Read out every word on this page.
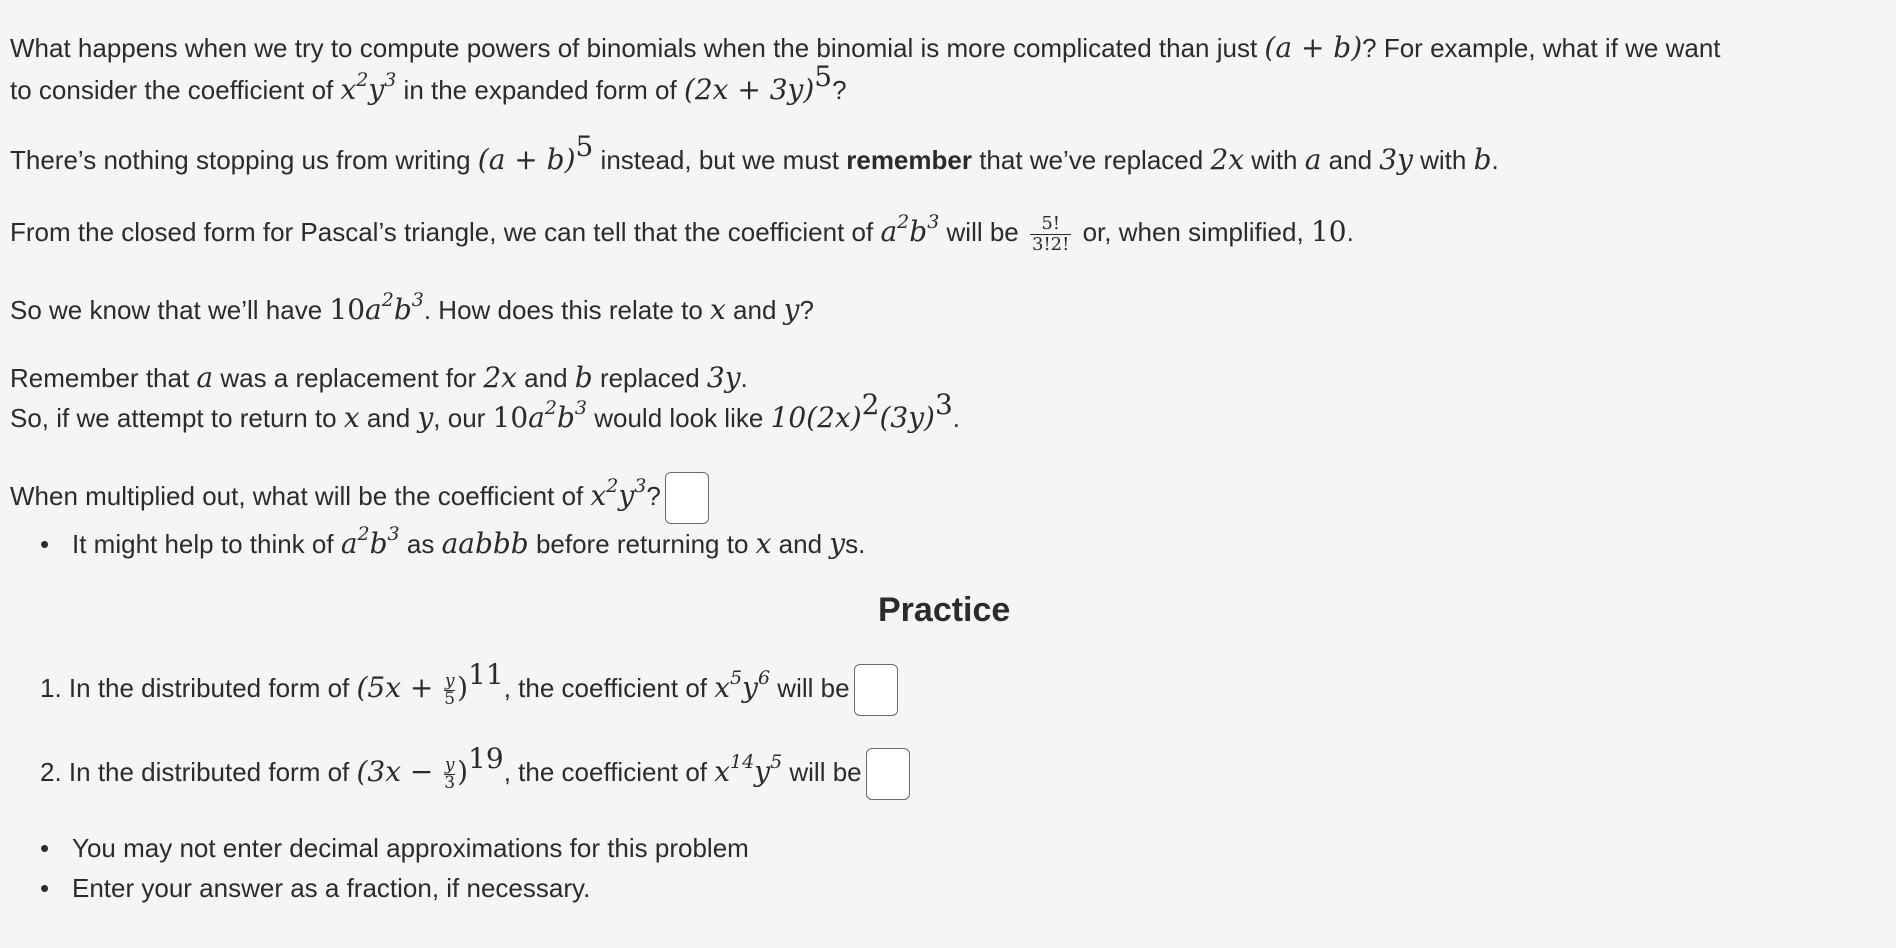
What happens when we try to compute powers of binomials when the binomial is more complicated than just (a + b)? For example, what if we want
to consider the coefficient of $x^2y^3$ in the expanded form of $(2x + 3y)^5$?
There’s nothing stopping us from writing $(a + b)^5$ instead, but we must remember that we’ve replaced 2x with a and 3y with b.
From the closed form for Pascal’s triangle, we can tell that the coefficient of $a^2b^3$ will be $\frac{5!}{3!2!}$ or, when simplified, 10.
So we know that we’ll have $10a^2b^3$. How does this relate to x and y?
Remember that a was a replacement for 2x and b replaced 3y.
So, if we attempt to return to x and y, our $10a^2b^3$ would look like $10(2x)^2(3y)^3$.
When multiplied out, what will be the coefficient of $x^2y^3$?
• It might help to think of $a^2b^3$ as aabbb before returning to x and ys.
Practice
1. In the distributed form of $(5x + \frac{y}{5} )^{11}$, the coefficient of $x^5y^6$ will be
2. In the distributed form of $(3x - \frac{y}{3} )^{19}$, the coefficient of $x^{14}y^5$ will be
• You may not enter decimal approximations for this problem
• Enter your answer as a fraction, if necessary.
